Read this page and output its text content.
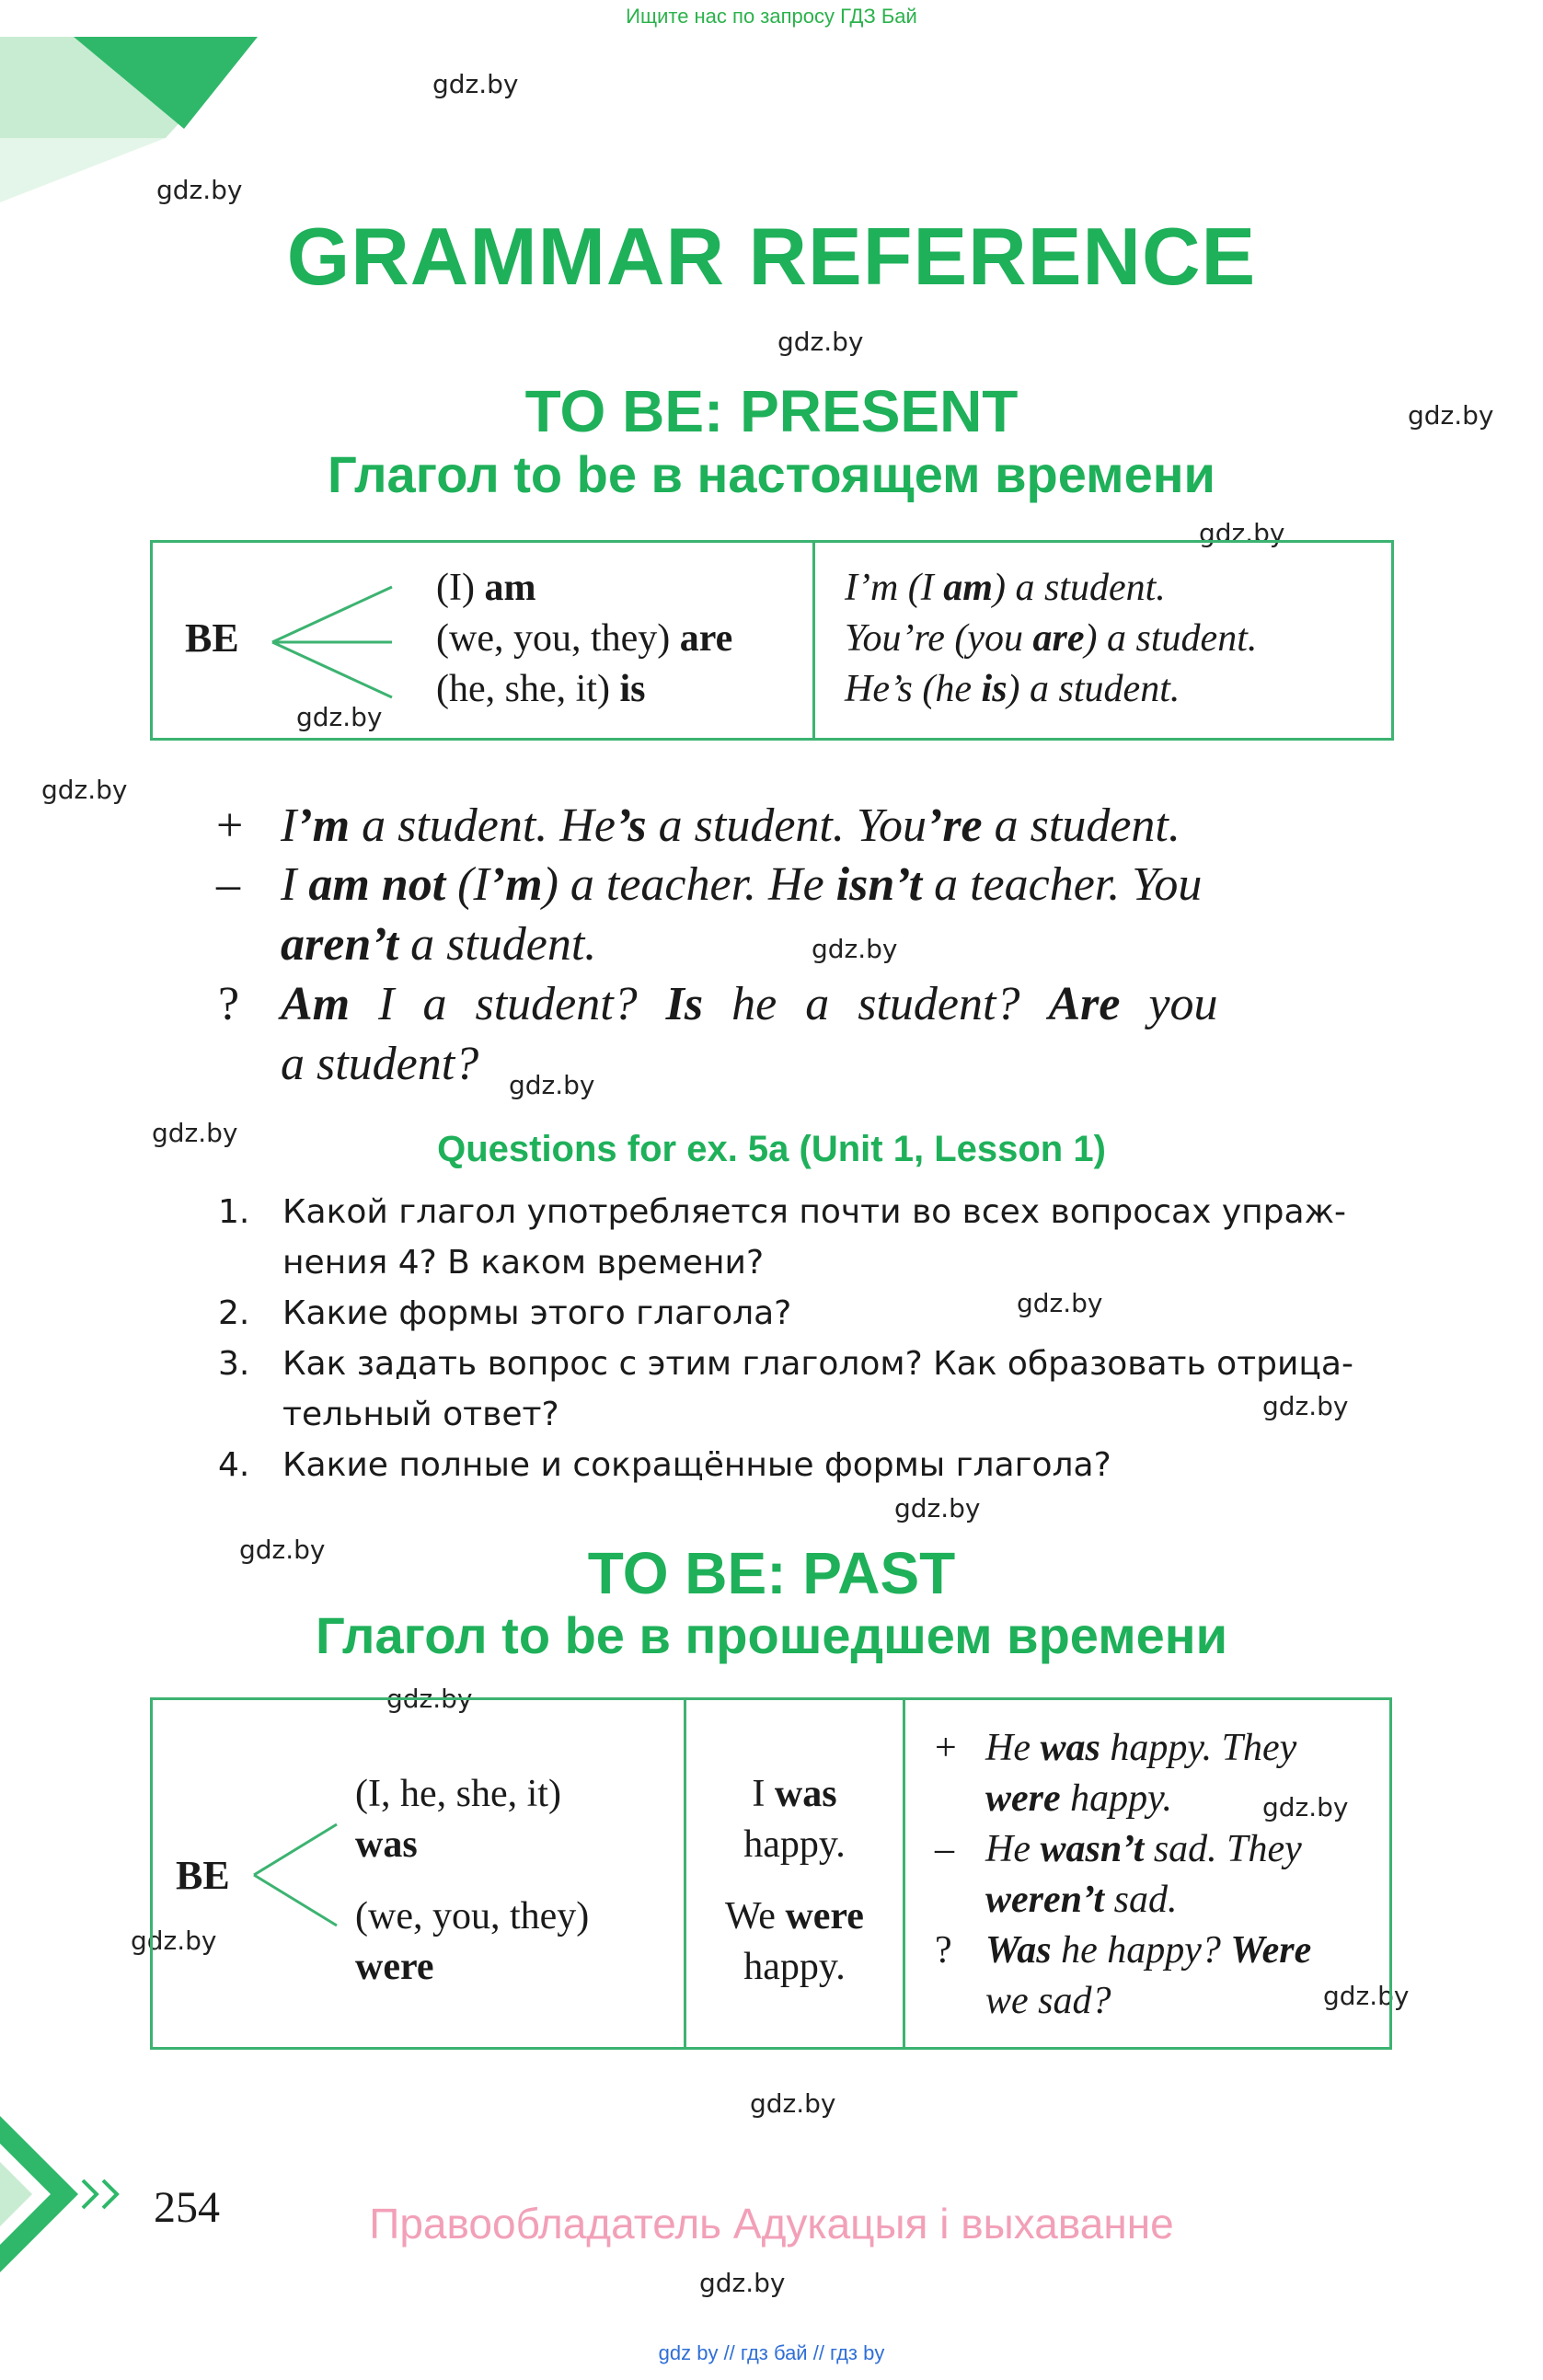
Ищите нас по запросу ГДЗ Бай
gdz.by
gdz.by
gdz.by
gdz.by
gdz.by
gdz.by
gdz.by
gdz.by
gdz.by
gdz.by
gdz.by
gdz.by
gdz.by
gdz.by
gdz.by
gdz.by
gdz.by
gdz.by
gdz.by
gdz.by
GRAMMAR REFERENCE
TO BE: PRESENT
Глагол to be в настоящем времени
BE
(I) am
(we, you, they) are
(he, she, it) is
I’m (I am) a student.
You’re (you are) a student.
He’s (he is) a student.
+ I’m a student. He’s a student. You’re a student.
– I am not (I’m) a teacher. He isn’t a teacher. You
aren’t a student.
? Am I a student? Is he a student? Are you
a student?
Questions for ex. 5a (Unit 1, Lesson 1)
1. Какой глагол употребляется почти во всех вопросах упраж-
нения 4? В каком времени?
2. Какие формы этого глагола?
3. Как задать вопрос с этим глаголом? Как образовать отрица-
тельный ответ?
4. Какие полные и сокращённые формы глагола?
TO BE: PAST
Глагол to be в прошедшем времени
BE
(I, he, she, it)
was
(we, you, they)
were
I was
happy.
We were
happy.
+

–

?
He was happy. They
were happy.
He wasn’t sad. They
weren’t sad.
Was he happy? Were
we sad?
254	Правообладатель Адукацыя і выхаванне
gdz by // гдз бай // гдз by
